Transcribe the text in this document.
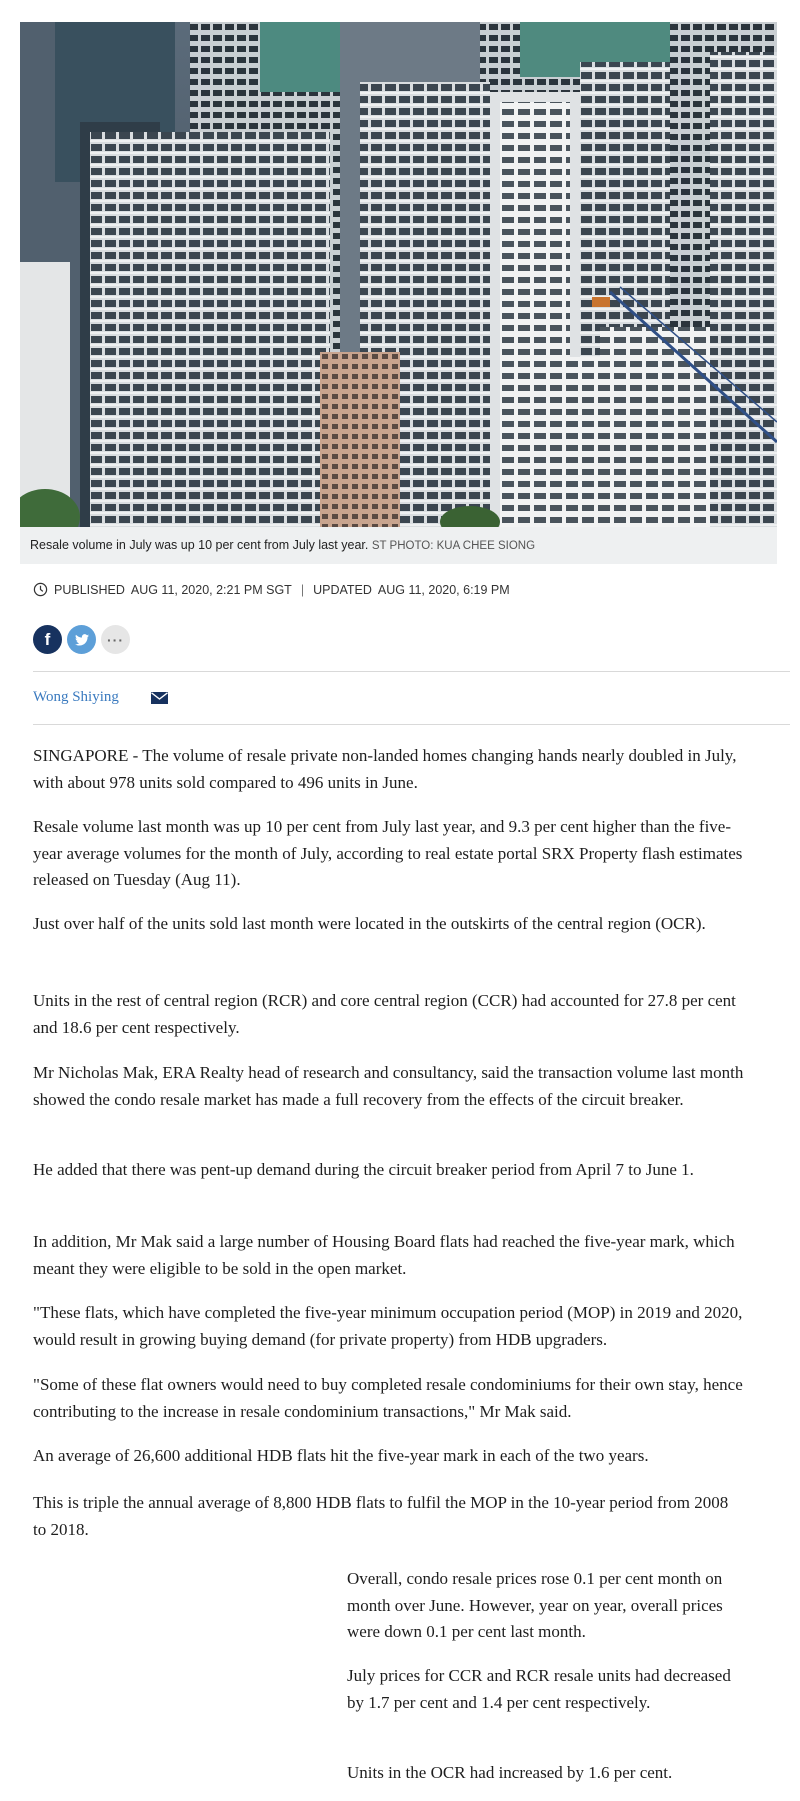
Resale volume in July was up 10 per cent from July last year. ST PHOTO: KUA CHEE SIONG
PUBLISHED AUG 11, 2020, 2:21 PM SGT | UPDATED AUG 11, 2020, 6:19 PM
f	···
Wong Shiying

SINGAPORE - The volume of resale private non-landed homes changing hands nearly doubled in July, with about 978 units sold compared to 496 units in June.

Resale volume last month was up 10 per cent from July last year, and 9.3 per cent higher than the five-year average volumes for the month of July, according to real estate portal SRX Property flash estimates released on Tuesday (Aug 11).

Just over half of the units sold last month were located in the outskirts of the central region (OCR).

Units in the rest of central region (RCR) and core central region (CCR) had accounted for 27.8 per cent and 18.6 per cent respectively.

Mr Nicholas Mak, ERA Realty head of research and consultancy, said the transaction volume last month showed the condo resale market has made a full recovery from the effects of the circuit breaker.

He added that there was pent-up demand during the circuit breaker period from April 7 to June 1.

In addition, Mr Mak said a large number of Housing Board flats had reached the five-year mark, which meant they were eligible to be sold in the open market.

"These flats, which have completed the five-year minimum occupation period (MOP) in 2019 and 2020, would result in growing buying demand (for private property) from HDB upgraders.

"Some of these flat owners would need to buy completed resale condominiums for their own stay, hence contributing to the increase in resale condominium transactions," Mr Mak said.

An average of 26,600 additional HDB flats hit the five-year mark in each of the two years.

This is triple the annual average of 8,800 HDB flats to fulfil the MOP in the 10-year period from 2008 to 2018.

Overall, condo resale prices rose 0.1 per cent month on month over June. However, year on year, overall prices were down 0.1 per cent last month.

July prices for CCR and RCR resale units had decreased by 1.7 per cent and 1.4 per cent respectively.

Units in the OCR had increased by 1.6 per cent.
